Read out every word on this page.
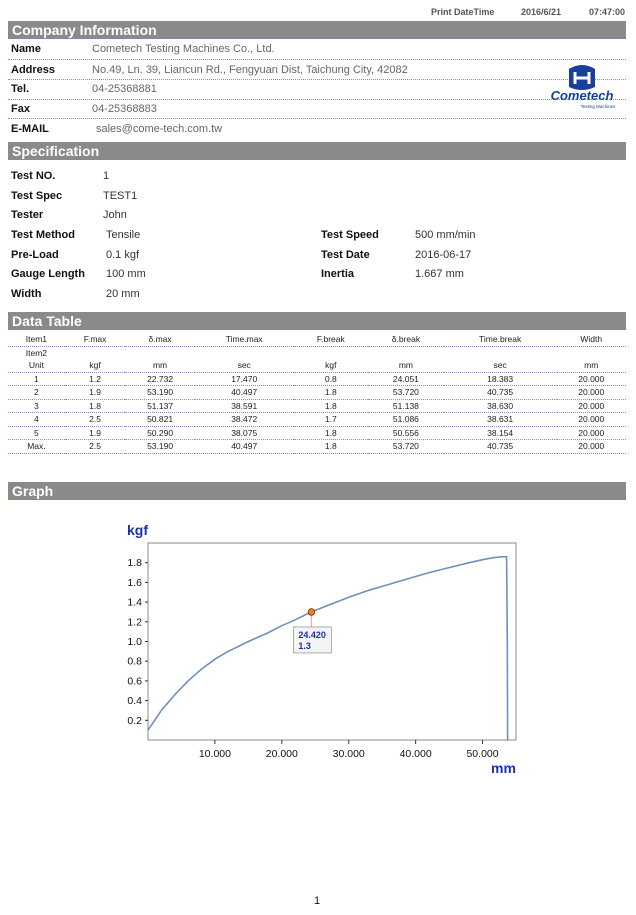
Print DateTime	2016/6/21	07:47:00
Company Information
Name	Cometech Testing Machines Co., Ltd.
Address	No.49, Ln. 39, Liancun Rd., Fengyuan Dist, Taichung City, 42082
Tel.	04-25368881
Fax	04-25368883
E-MAIL	sales@come-tech.com.tw
Cometech
Testing Machines
Specification
Test NO.	1
Test Spec	TEST1
Tester	John
Test Method	Tensile
Pre-Load	0.1 kgf
Gauge Length 100 mm
Width	20 mm
Test Speed	500 mm/min
Test Date	2016-06-17
Inertia	1.667 mm
Data Table
Item1	F.max	δ.max	Time.max	F.break	δ.break	Time.break	Width
Item2							
Unit	kgf	mm	sec	kgf	mm	sec	mm
1	1.2	22.732	17.470	0.8	24.051	18.383	20.000
2	1.9	53.190	40.497	1.8	53.720	40.735	20.000
3	1.8	51.137	38.591	1.8	51.138	38.630	20.000
4	2.5	50.821	38.472	1.7	51.086	38.631	20.000
5	1.9	50.290	38.075	1.8	50.556	38.154	20.000
Max.	2.5	53.190	40.497	1.8	53.720	40.735	20.000
Graph
0.2
0.4
0.6
0.8
1.0
1.2
1.4
1.6
1.8
10.000	20.000	30.000	40.000	50.000
kgf
mm
24.420
1.3
1
